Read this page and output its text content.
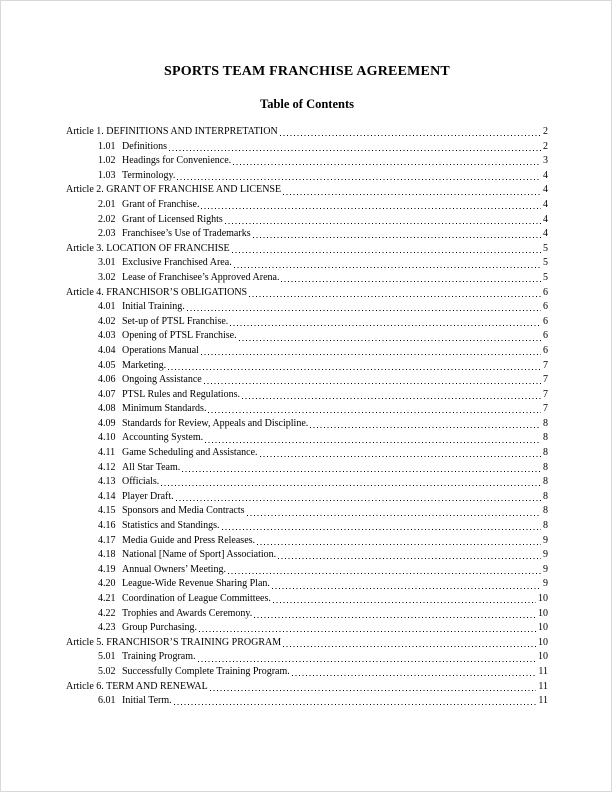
SPORTS TEAM FRANCHISE AGREEMENT
Table of Contents
Article 1. DEFINITIONS AND INTERPRETATION	2
1.01 Definitions	2
1.02 Headings for Convenience.	3
1.03 Terminology.	4
Article 2. GRANT OF FRANCHISE AND LICENSE	4
2.01 Grant of Franchise.	4
2.02 Grant of Licensed Rights	4
2.03 Franchisee’s Use of Trademarks	4
Article 3. LOCATION OF FRANCHISE	5
3.01 Exclusive Franchised Area.	5
3.02 Lease of Franchisee’s Approved Arena.	5
Article 4. FRANCHISOR’S OBLIGATIONS	6
4.01 Initial Training.	6
4.02 Set-up of PTSL Franchise.	6
4.03 Opening of PTSL Franchise.	6
4.04 Operations Manual	6
4.05 Marketing.	7
4.06 Ongoing Assistance	7
4.07 PTSL Rules and Regulations.	7
4.08 Minimum Standards.	7
4.09 Standards for Review, Appeals and Discipline.	8
4.10 Accounting System.	8
4.11 Game Scheduling and Assistance.	8
4.12 All Star Team.	8
4.13 Officials.	8
4.14 Player Draft.	8
4.15 Sponsors and Media Contracts	8
4.16 Statistics and Standings.	8
4.17 Media Guide and Press Releases.	9
4.18 National [Name of Sport] Association.	9
4.19 Annual Owners’ Meeting.	9
4.20 League-Wide Revenue Sharing Plan.	9
4.21 Coordination of League Committees.	10
4.22 Trophies and Awards Ceremony.	10
4.23 Group Purchasing.	10
Article 5. FRANCHISOR’S TRAINING PROGRAM	10
5.01 Training Program.	10
5.02 Successfully Complete Training Program.	11
Article 6. TERM AND RENEWAL	11
6.01 Initial Term.	11
